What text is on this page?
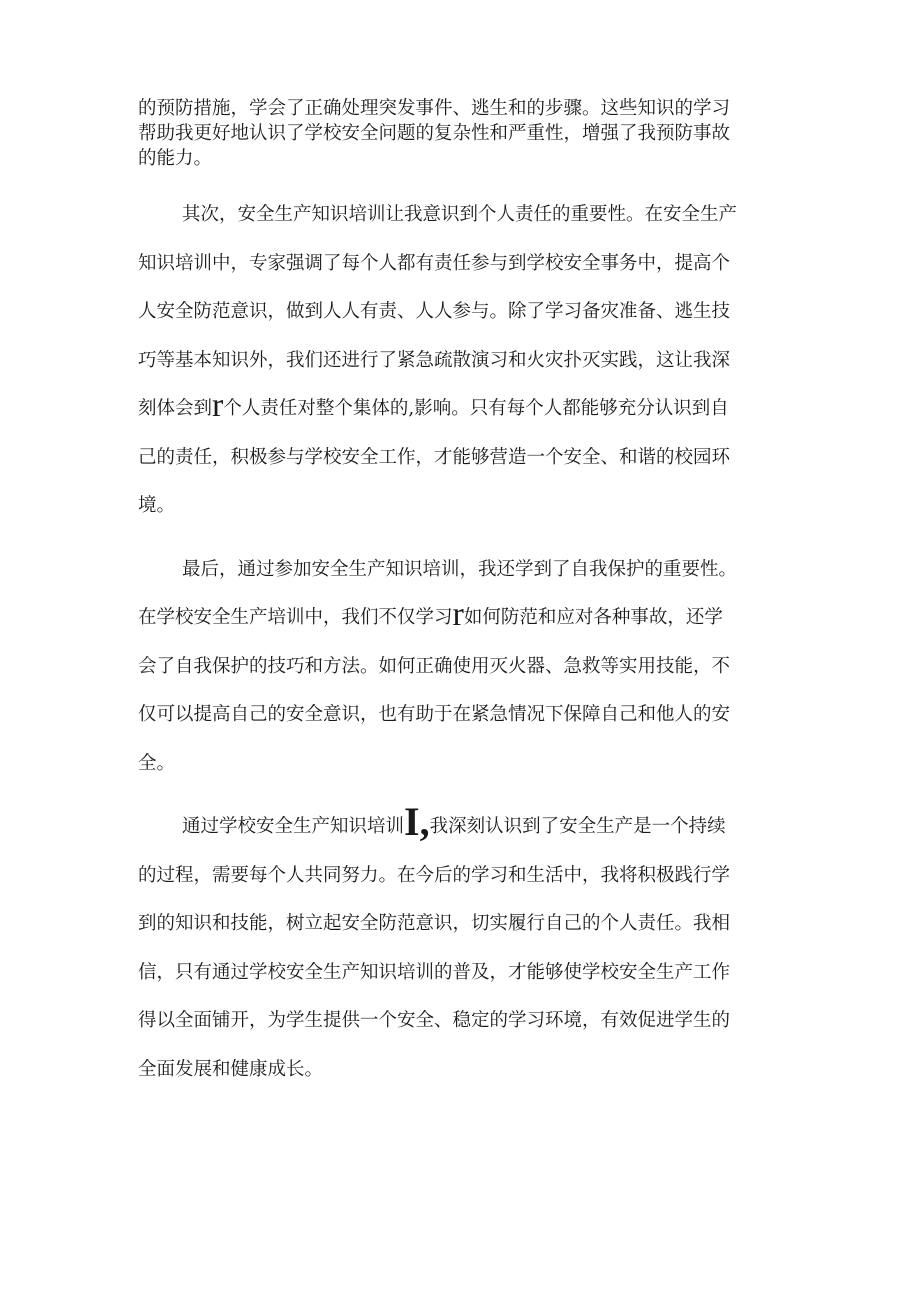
的预防措施，学会了正确处理突发事件、逃生和的步骤。这些知识的学习
帮助我更好地认识了学校安全问题的复杂性和严重性，增强了我预防事故
的能力。

其次，安全生产知识培训让我意识到个人责任的重要性。在安全生产
知识培训中，专家强调了每个人都有责任参与到学校安全事务中，提高个
人安全防范意识，做到人人有责、人人参与。除了学习备灾准备、逃生技
巧等基本知识外，我们还进行了紧急疏散演习和火灾扑灭实践，这让我深
刻体会到r个人责任对整个集体的,影响。只有每个人都能够充分认识到自
己的责任，积极参与学校安全工作，才能够营造一个安全、和谐的校园环
境。

最后，通过参加安全生产知识培训，我还学到了自我保护的重要性。
在学校安全生产培训中，我们不仅学习r如何防范和应对各种事故，还学
会了自我保护的技巧和方法。如何正确使用灭火器、急救等实用技能，不
仅可以提高自己的安全意识，也有助于在紧急情况下保障自己和他人的安
全。

通过学校安全生产知识培训I,我深刻认识到了安全生产是一个持续
的过程，需要每个人共同努力。在今后的学习和生活中，我将积极践行学
到的知识和技能，树立起安全防范意识，切实履行自己的个人责任。我相
信，只有通过学校安全生产知识培训的普及，才能够使学校安全生产工作
得以全面铺开，为学生提供一个安全、稳定的学习环境，有效促进学生的
全面发展和健康成长。
